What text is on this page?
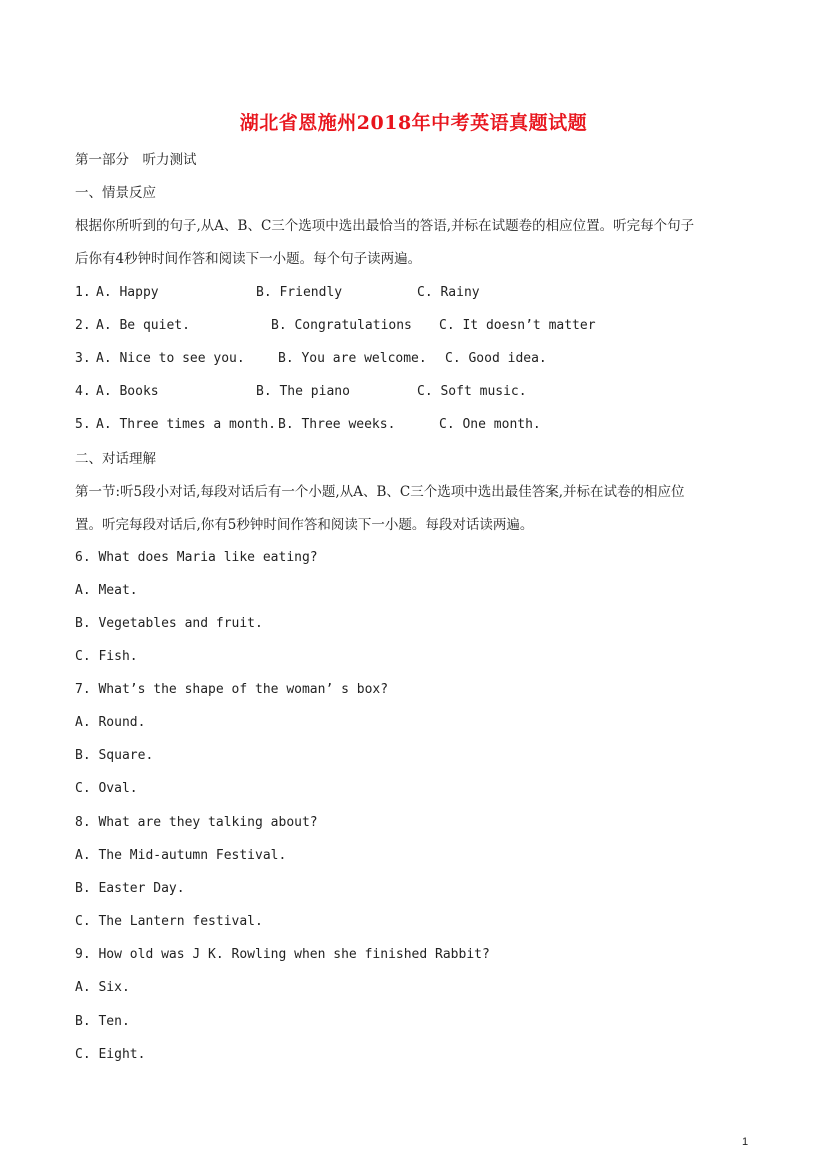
湖北省恩施州2018年中考英语真题试题
第一部分　听力测试
一、情景反应
根据你所听到的句子,从A、B、C三个选项中选出最恰当的答语,并标在试题卷的相应位置。听完每个句子
后你有4秒钟时间作答和阅读下一小题。每个句子读两遍。
1. A. Happy	B. Friendly	C. Rainy
2. A. Be quiet.	B. Congratulations C. It doesn’t matter
3. A. Nice to see you.	B. You are welcome. C. Good idea.
4. A. Books	B. The piano	C. Soft music.
5. A. Three times a month. B. Three weeks.	C. One month.
二、对话理解
第一节:听5段小对话,每段对话后有一个小题,从A、B、C三个选项中选出最佳答案,并标在试卷的相应位
置。听完每段对话后,你有5秒钟时间作答和阅读下一小题。每段对话读两遍。
6. What does Maria like eating?
A. Meat.
B. Vegetables and fruit.
C. Fish.
7. What’s the shape of the woman’ s box?
A. Round.
B. Square.
C. Oval.
8. What are they talking about?
A. The Mid-autumn Festival.
B. Easter Day.
C. The Lantern festival.
9. How old was J K. Rowling when she finished Rabbit?
A. Six.
B. Ten.
C. Eight.
1
